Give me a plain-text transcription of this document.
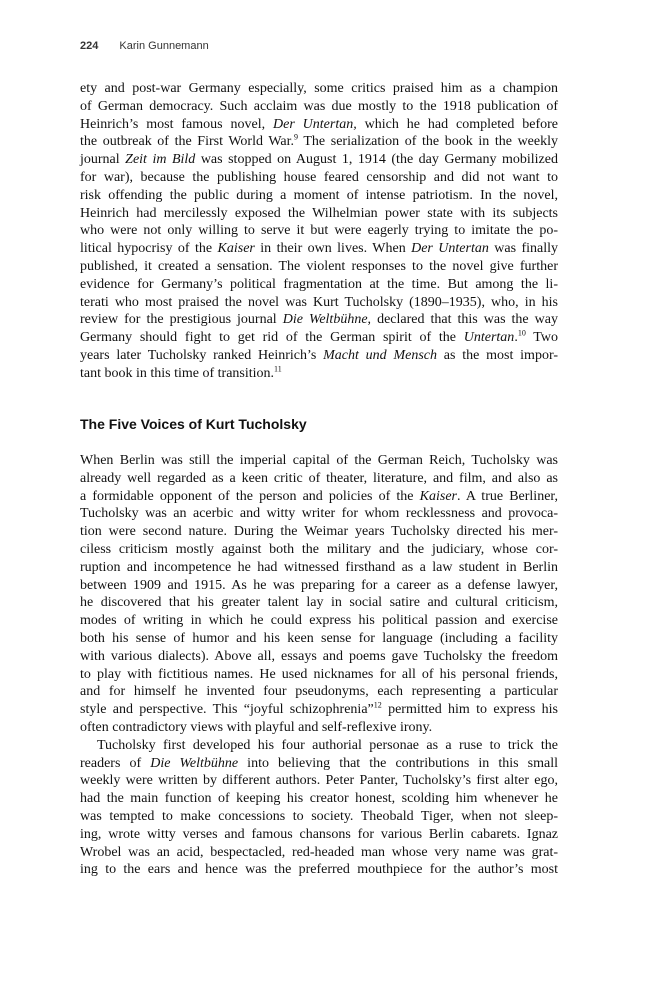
224 Karin Gunnemann
ety and post-war Germany especially, some critics praised him as a champion
of German democracy. Such acclaim was due mostly to the 1918 publication of
Heinrich’s most famous novel, Der Untertan, which he had completed before
the outbreak of the First World War.$^9$ The serialization of the book in the weekly
journal Zeit im Bild was stopped on August 1, 1914 (the day Germany mobilized
for war), because the publishing house feared censorship and did not want to
risk offending the public during a moment of intense patriotism. In the novel,
Heinrich had mercilessly exposed the Wilhelmian power state with its subjects
who were not only willing to serve it but were eagerly trying to imitate the po-
litical hypocrisy of the Kaiser in their own lives. When Der Untertan was finally
published, it created a sensation. The violent responses to the novel give further
evidence for Germany’s political fragmentation at the time. But among the li-
terati who most praised the novel was Kurt Tucholsky (1890–1935), who, in his
review for the prestigious journal Die Weltbühne, declared that this was the way
Germany should fight to get rid of the German spirit of the Untertan.$^{10}$ Two
years later Tucholsky ranked Heinrich’s Macht und Mensch as the most impor-
tant book in this time of transition.$^{11}$
The Five Voices of Kurt Tucholsky
When Berlin was still the imperial capital of the German Reich, Tucholsky was
already well regarded as a keen critic of theater, literature, and film, and also as
a formidable opponent of the person and policies of the Kaiser. A true Berliner,
Tucholsky was an acerbic and witty writer for whom recklessness and provoca-
tion were second nature. During the Weimar years Tucholsky directed his mer-
ciless criticism mostly against both the military and the judiciary, whose cor-
ruption and incompetence he had witnessed firsthand as a law student in Berlin
between 1909 and 1915. As he was preparing for a career as a defense lawyer,
he discovered that his greater talent lay in social satire and cultural criticism,
modes of writing in which he could express his political passion and exercise
both his sense of humor and his keen sense for language (including a facility
with various dialects). Above all, essays and poems gave Tucholsky the freedom
to play with fictitious names. He used nicknames for all of his personal friends,
and for himself he invented four pseudonyms, each representing a particular
style and perspective. This “joyful schizophrenia”$^{12}$ permitted him to express his
often contradictory views with playful and self-reflexive irony.
Tucholsky first developed his four authorial personae as a ruse to trick the
readers of Die Weltbühne into believing that the contributions in this small
weekly were written by different authors. Peter Panter, Tucholsky’s first alter ego,
had the main function of keeping his creator honest, scolding him whenever he
was tempted to make concessions to society. Theobald Tiger, when not sleep-
ing, wrote witty verses and famous chansons for various Berlin cabarets. Ignaz
Wrobel was an acid, bespectacled, red-headed man whose very name was grat-
ing to the ears and hence was the preferred mouthpiece for the author’s most
